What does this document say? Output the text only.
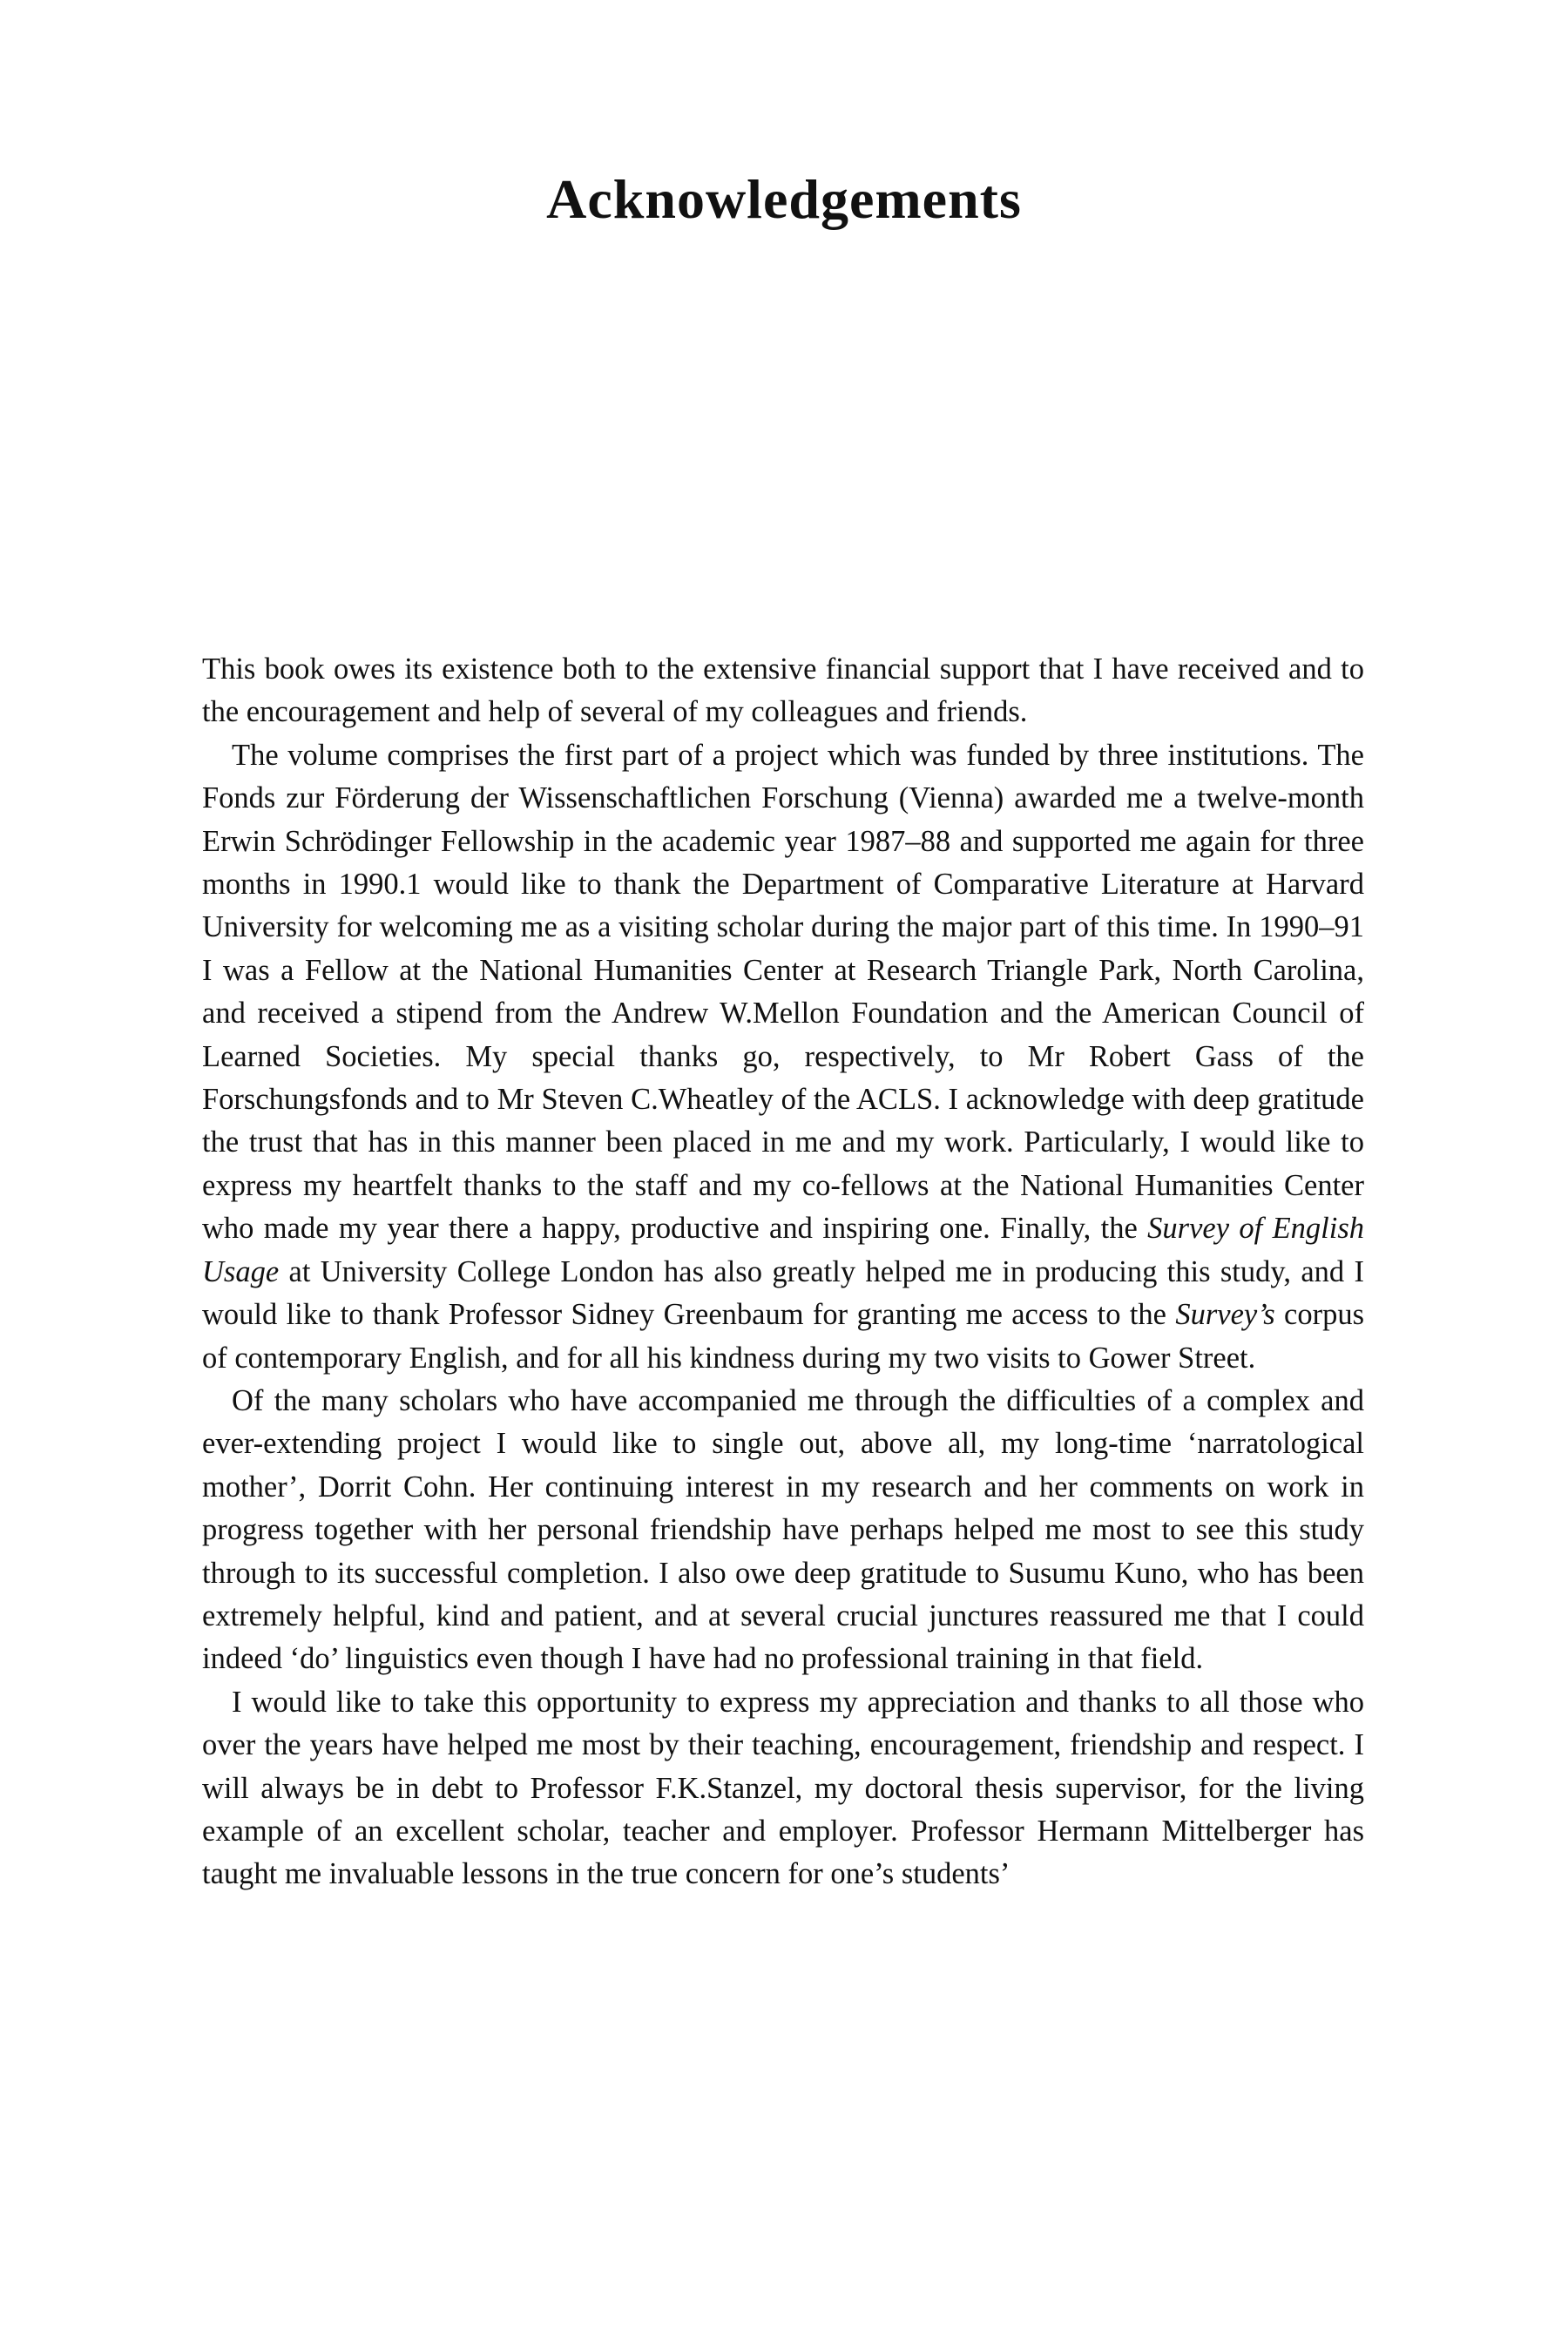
Acknowledgements

This book owes its existence both to the extensive financial support that I have received and to the encouragement and help of several of my colleagues and friends.

The volume comprises the first part of a project which was funded by three institutions. The Fonds zur Förderung der Wissenschaftlichen Forschung (Vienna) awarded me a twelve-month Erwin Schrödinger Fellowship in the academic year 1987–88 and supported me again for three months in 1990.1 would like to thank the Department of Comparative Literature at Harvard University for welcoming me as a visiting scholar during the major part of this time. In 1990–91 I was a Fellow at the National Humanities Center at Research Triangle Park, North Carolina, and received a stipend from the Andrew W.Mellon Foundation and the American Council of Learned Societies. My special thanks go, respectively, to Mr Robert Gass of the Forschungsfonds and to Mr Steven C.Wheatley of the ACLS. I acknowledge with deep gratitude the trust that has in this manner been placed in me and my work. Particularly, I would like to express my heartfelt thanks to the staff and my co-fellows at the National Humanities Center who made my year there a happy, productive and inspiring one. Finally, the Survey of English Usage at University College London has also greatly helped me in producing this study, and I would like to thank Professor Sidney Greenbaum for granting me access to the Survey’s corpus of contemporary English, and for all his kindness during my two visits to Gower Street.

Of the many scholars who have accompanied me through the difficulties of a complex and ever-extending project I would like to single out, above all, my long-time ‘narratological mother’, Dorrit Cohn. Her continuing interest in my research and her comments on work in progress together with her personal friendship have perhaps helped me most to see this study through to its successful completion. I also owe deep gratitude to Susumu Kuno, who has been extremely helpful, kind and patient, and at several crucial junctures reassured me that I could indeed ‘do’ linguistics even though I have had no professional training in that field.

I would like to take this opportunity to express my appreciation and thanks to all those who over the years have helped me most by their teaching, encouragement, friendship and respect. I will always be in debt to Professor F.K.Stanzel, my doctoral thesis supervisor, for the living example of an excellent scholar, teacher and employer. Professor Hermann Mittelberger has taught me invaluable lessons in the true concern for one’s students’
